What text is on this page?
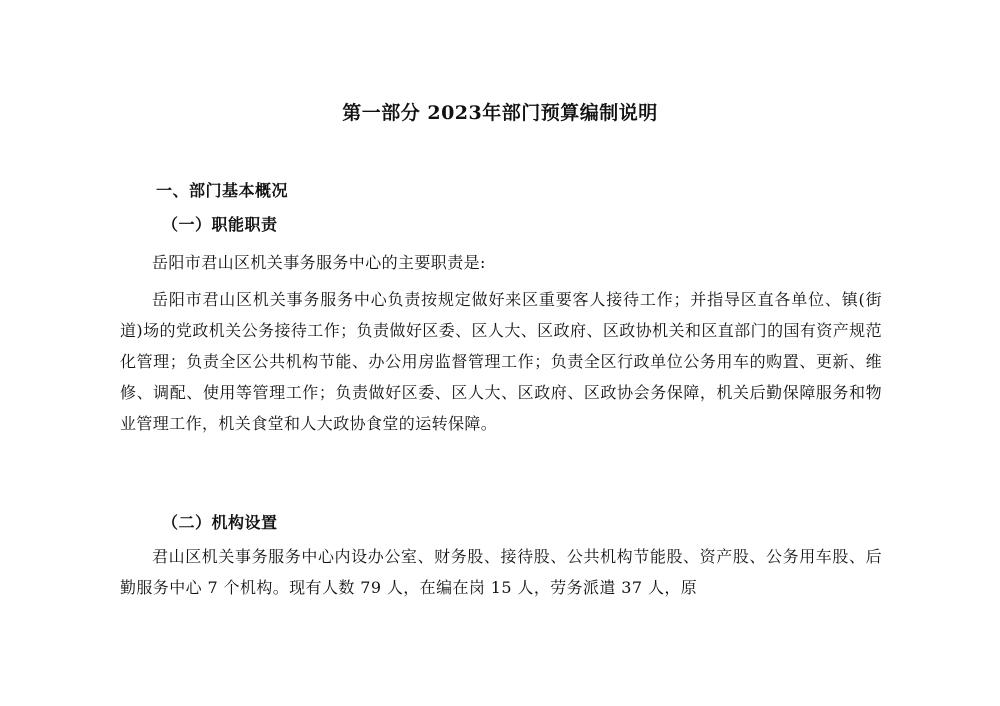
第一部分 2023年部门预算编制说明
一、部门基本概况
（一）职能职责
岳阳市君山区机关事务服务中心的主要职责是:
岳阳市君山区机关事务服务中心负责按规定做好来区重要客人接待工作；并指导区直各单位、镇(街道)场的党政机关公务接待工作；负责做好区委、区人大、区政府、区政协机关和区直部门的国有资产规范化管理；负责全区公共机构节能、办公用房监督管理工作；负责全区行政单位公务用车的购置、更新、维修、调配、使用等管理工作；负责做好区委、区人大、区政府、区政协会务保障，机关后勤保障服务和物业管理工作，机关食堂和人大政协食堂的运转保障。
（二）机构设置
君山区机关事务服务中心内设办公室、财务股、接待股、公共机构节能股、资产股、公务用车股、后勤服务中心 7 个机构。现有人数 79 人，在编在岗 15 人，劳务派遣 37 人，原
